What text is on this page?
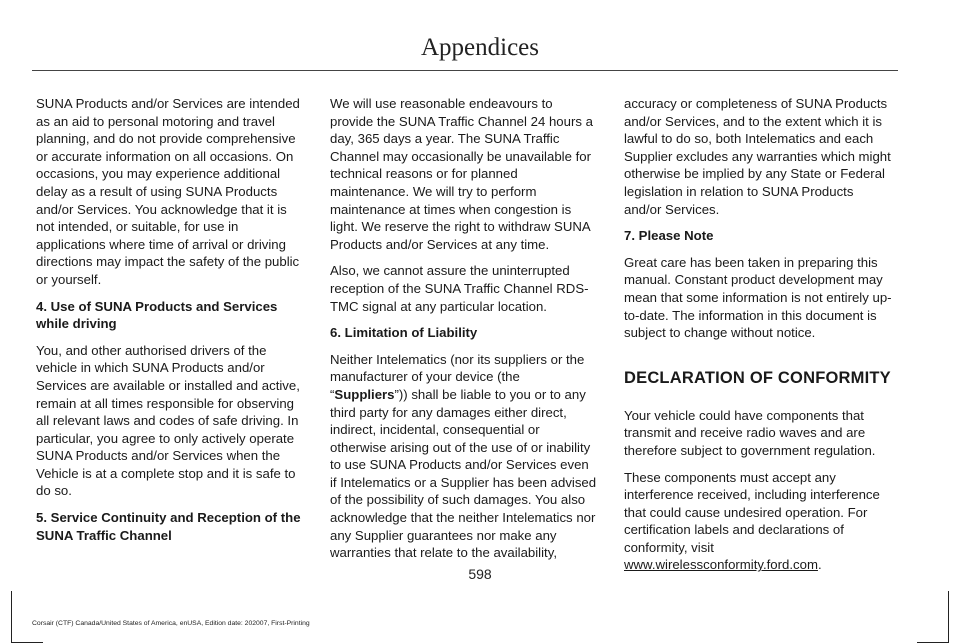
Appendices

SUNA Products and/or Services are intended as an aid to personal motoring and travel planning, and do not provide comprehensive or accurate information on all occasions. On occasions, you may experience additional delay as a result of using SUNA Products and/or Services. You acknowledge that it is not intended, or suitable, for use in applications where time of arrival or driving directions may impact the safety of the public or yourself.

4. Use of SUNA Products and Services while driving

You, and other authorised drivers of the vehicle in which SUNA Products and/or Services are available or installed and active, remain at all times responsible for observing all relevant laws and codes of safe driving. In particular, you agree to only actively operate SUNA Products and/or Services when the Vehicle is at a complete stop and it is safe to do so.

5. Service Continuity and Reception of the SUNA Traffic Channel

We will use reasonable endeavours to provide the SUNA Traffic Channel 24 hours a day, 365 days a year. The SUNA Traffic Channel may occasionally be unavailable for technical reasons or for planned maintenance. We will try to perform maintenance at times when congestion is light. We reserve the right to withdraw SUNA Products and/or Services at any time.

Also, we cannot assure the uninterrupted reception of the SUNA Traffic Channel RDS-TMC signal at any particular location.

6. Limitation of Liability

Neither Intelematics (nor its suppliers or the manufacturer of your device (the “Suppliers”)) shall be liable to you or to any third party for any damages either direct, indirect, incidental, consequential or otherwise arising out of the use of or inability to use SUNA Products and/or Services even if Intelematics or a Supplier has been advised of the possibility of such damages. You also acknowledge that the neither Intelematics nor any Supplier guarantees nor make any warranties that relate to the availability,

accuracy or completeness of SUNA Products and/or Services, and to the extent which it is lawful to do so, both Intelematics and each Supplier excludes any warranties which might otherwise be implied by any State or Federal legislation in relation to SUNA Products and/or Services.

7. Please Note

Great care has been taken in preparing this manual. Constant product development may mean that some information is not entirely up-to-date. The information in this document is subject to change without notice.

DECLARATION OF CONFORMITY

Your vehicle could have components that transmit and receive radio waves and are therefore subject to government regulation.

These components must accept any interference received, including interference that could cause undesired operation. For certification labels and declarations of conformity, visit www.wirelessconformity.ford.com.

598
Corsair (CTF) Canada/United States of America, enUSA, Edition date: 202007, First-Printing
